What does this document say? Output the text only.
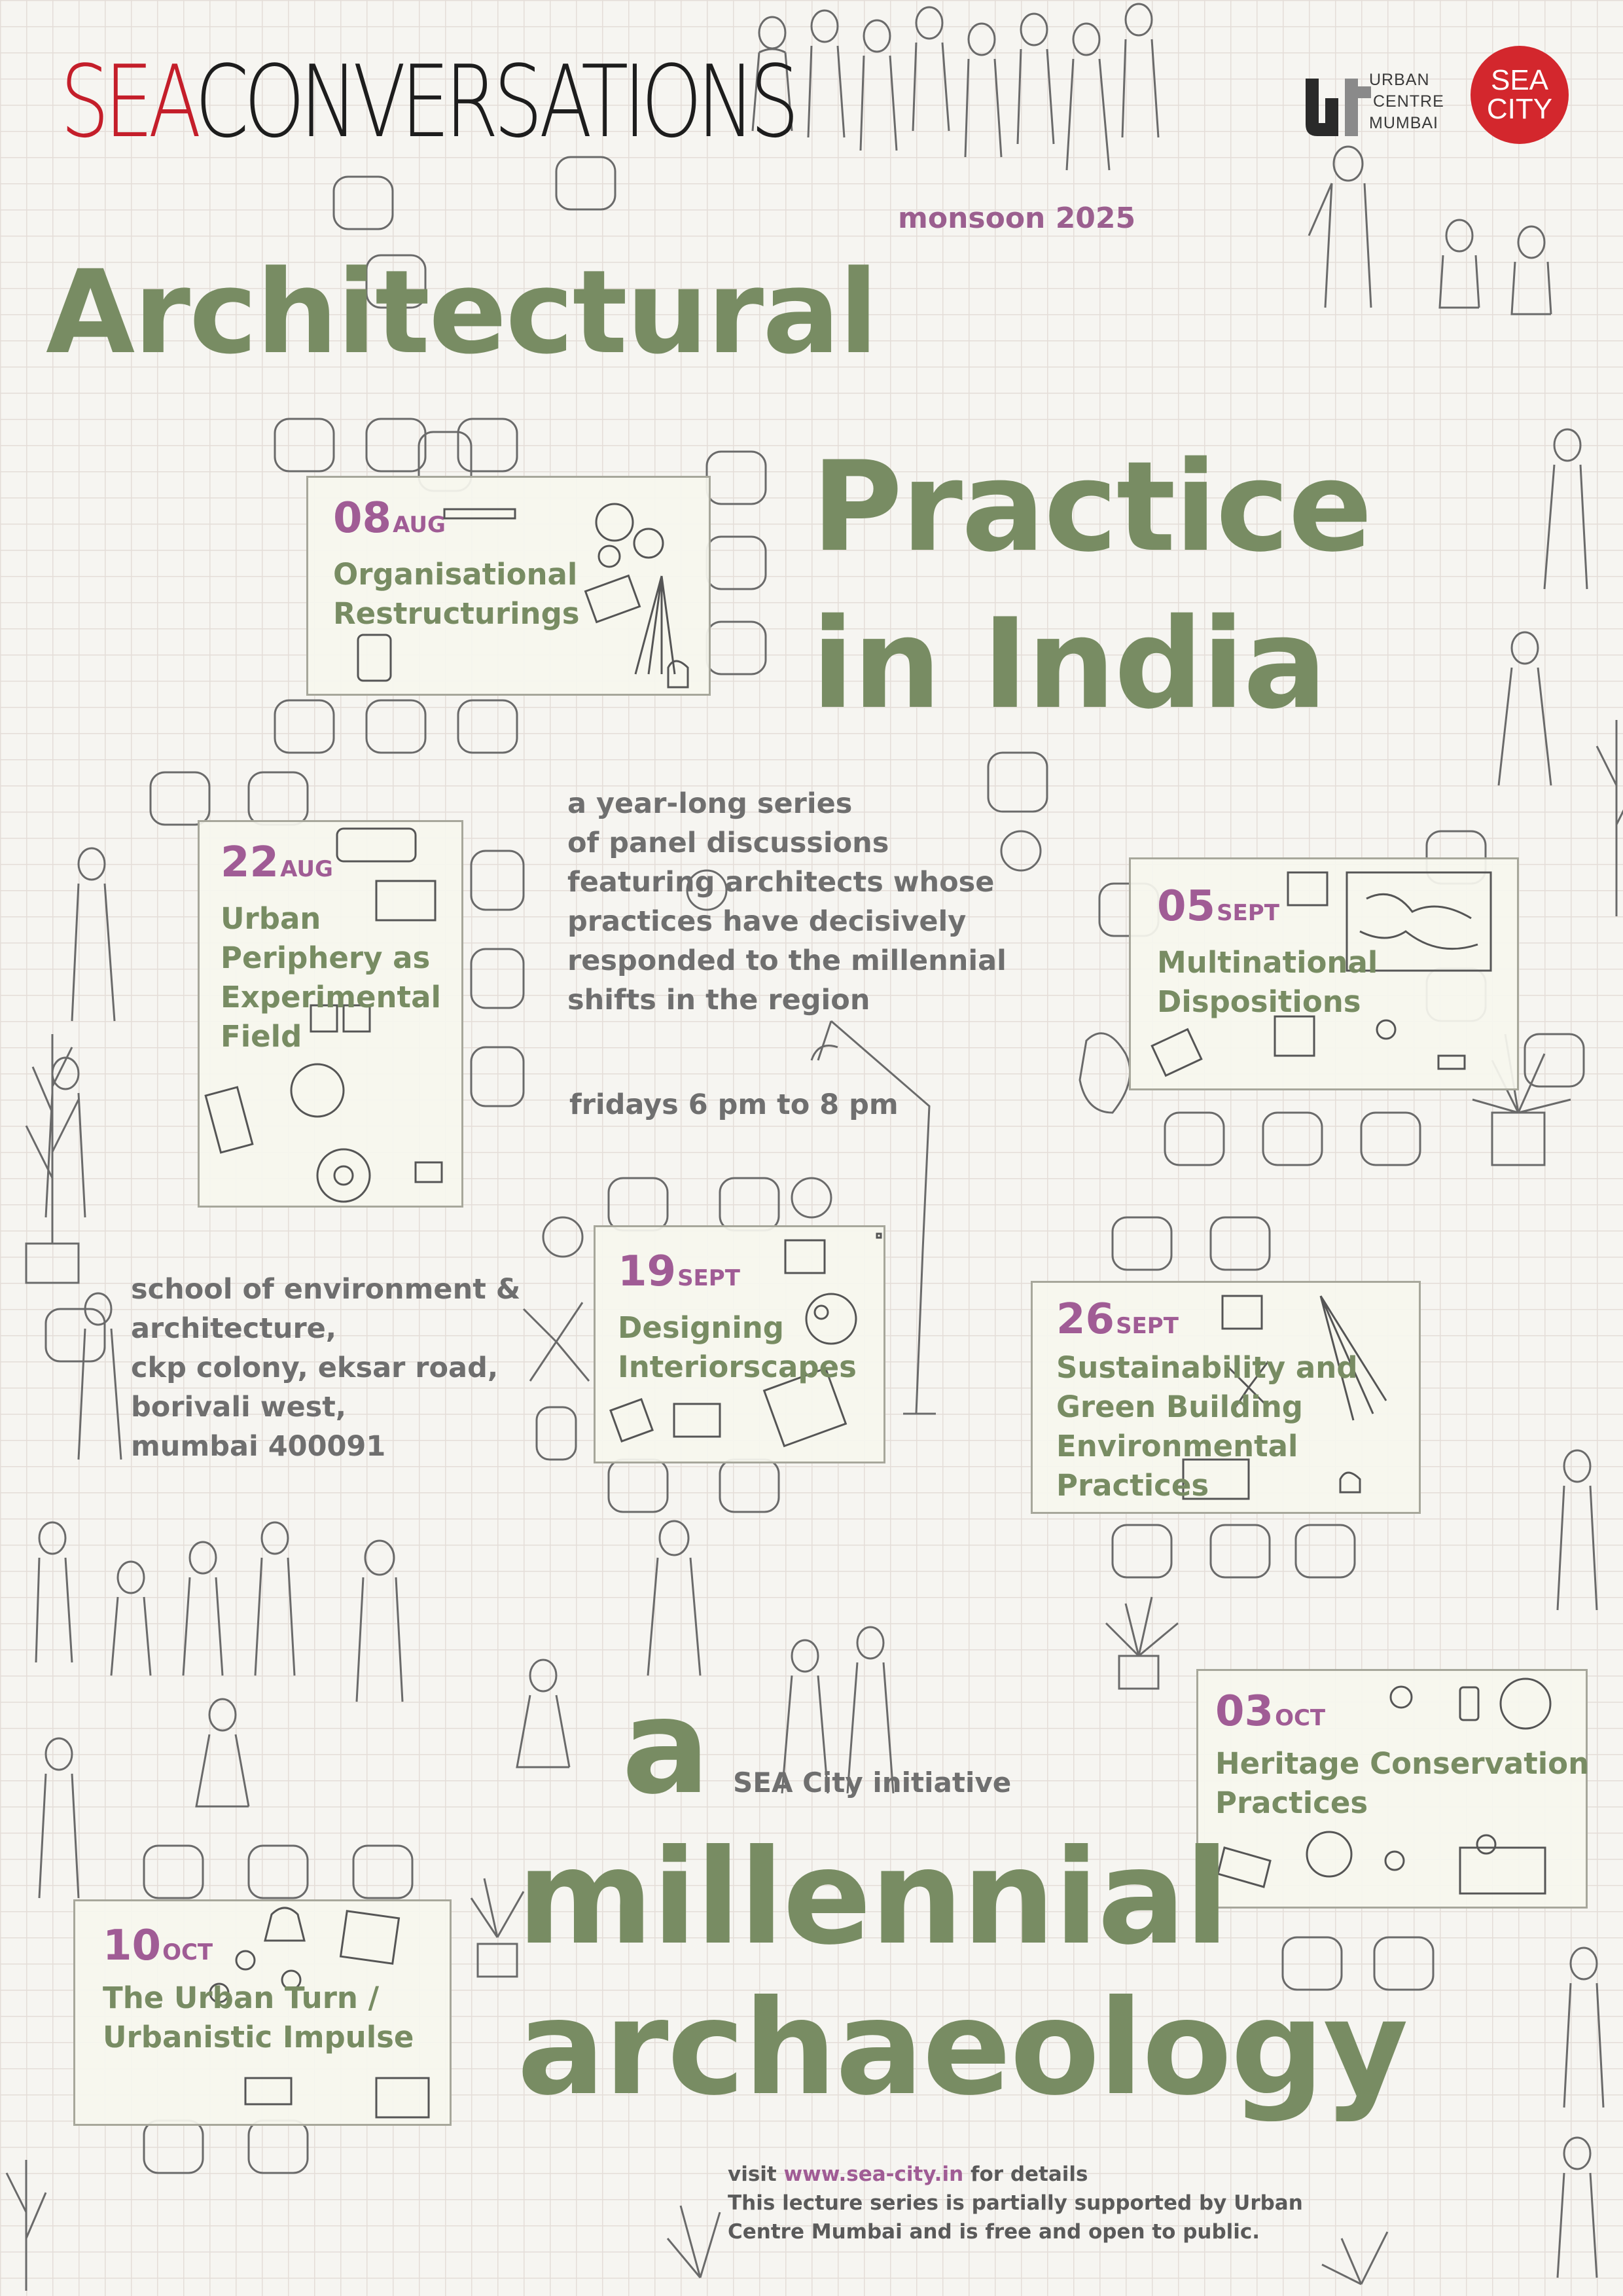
SEACONVERSATIONS	URBAN
CENTRE
MUMBAI
SEA
CITY
monsoon 2025
Architectural
Practice
in India
a year-long series
of panel discussions
featuring architects whose
practices have decisively
responded to the millennial
shifts in the region
fridays 6 pm to 8 pm
school of environment &
architecture,
ckp colony, eksar road,
borivali west,
mumbai 400091
08AUG
Organisational
Restructurings
22AUG
Urban
Periphery as
Experimental
Field
05SEPT
Multinational
Dispositions
19SEPT
Designing
Interiorscapes
26SEPT
Sustainability and
Green Building
Environmental
Practices
03OCT
Heritage Conservation
Practices
10OCT
The Urban Turn /
Urbanistic Impulse
a SEA City initiative
millennial
archaeology
visit www.sea-city.in for details
This lecture series is partially supported by Urban
Centre Mumbai and is free and open to public.
